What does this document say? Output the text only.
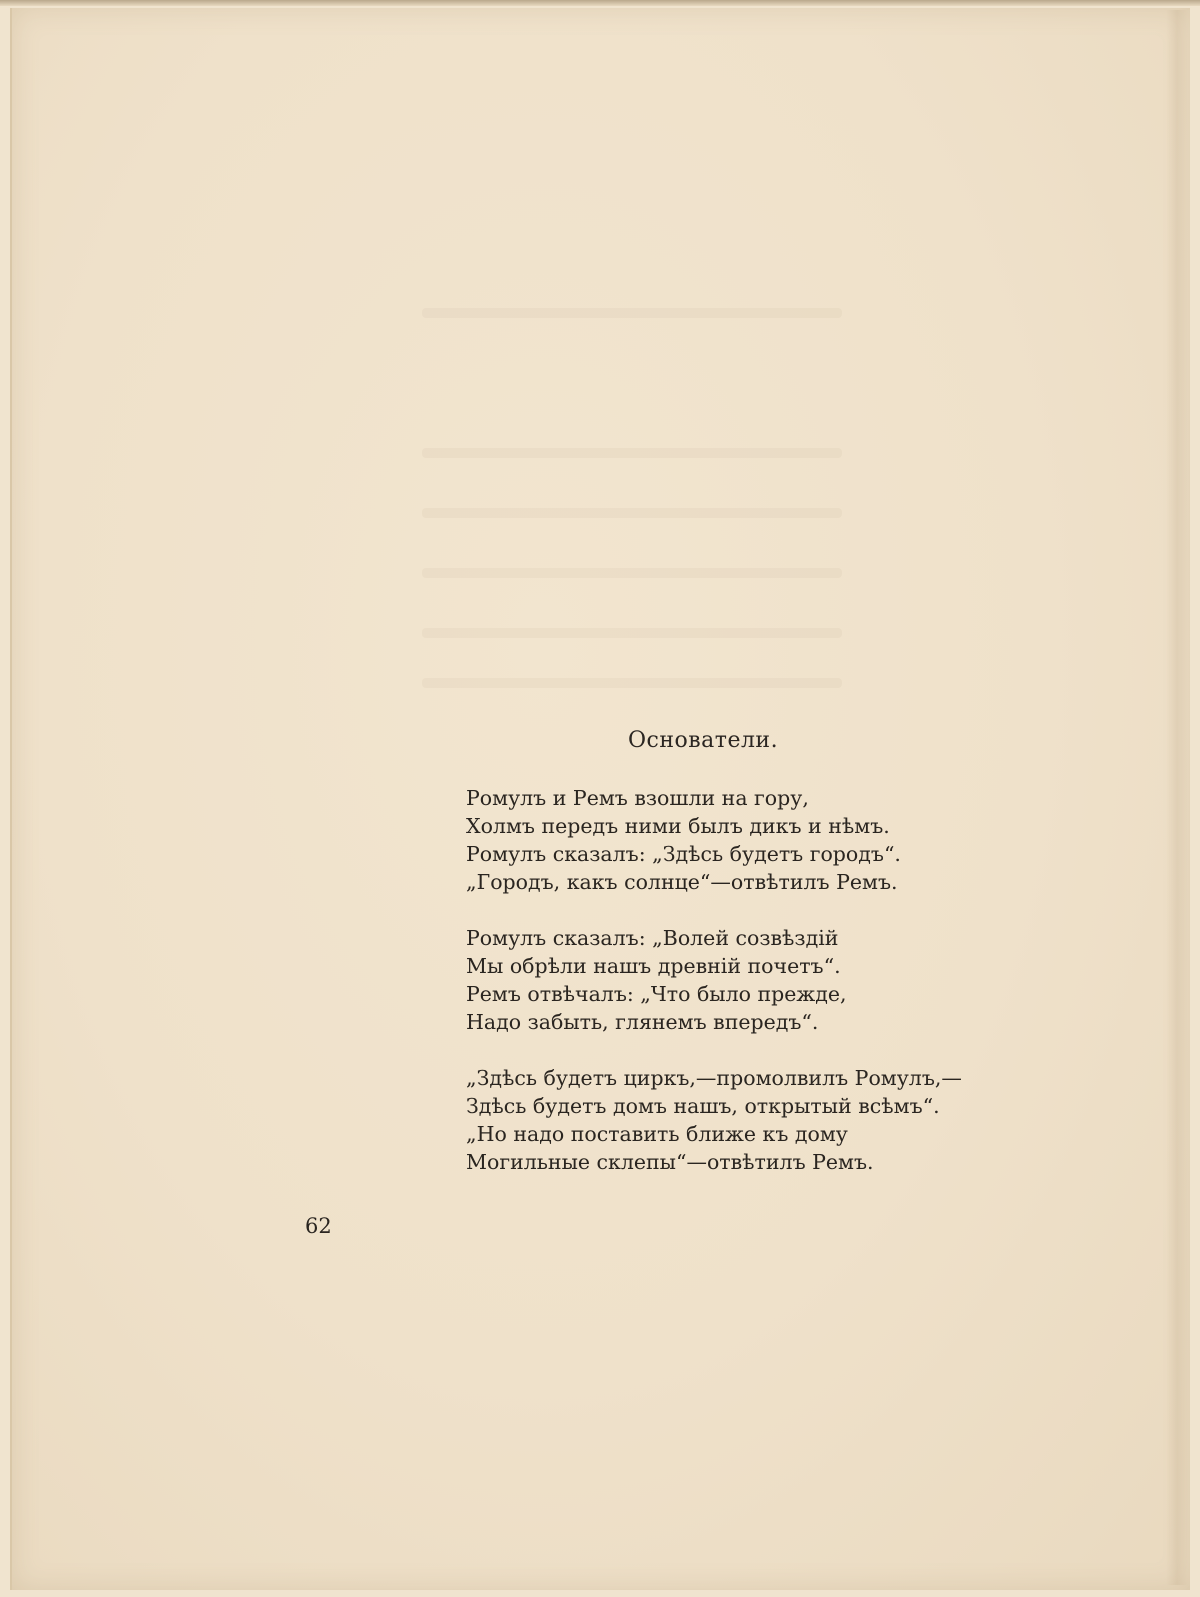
Основатели.
Ромулъ и Ремъ взошли на гору,
Холмъ передъ ними былъ дикъ и нѣмъ.
Ромулъ сказалъ: „Здѣсь будетъ городъ“.
„Городъ, какъ солнце“—отвѣтилъ Ремъ.
Ромулъ сказалъ: „Волей созвѣздій
Мы обрѣли нашъ древній почетъ“.
Ремъ отвѣчалъ: „Что было прежде,
Надо забыть, глянемъ впередъ“.
„Здѣсь будетъ циркъ,—промолвилъ Ромулъ,—
Здѣсь будетъ домъ нашъ, открытый всѣмъ“.
„Но надо поставить ближе къ дому
Могильные склепы“—отвѣтилъ Ремъ.
62
